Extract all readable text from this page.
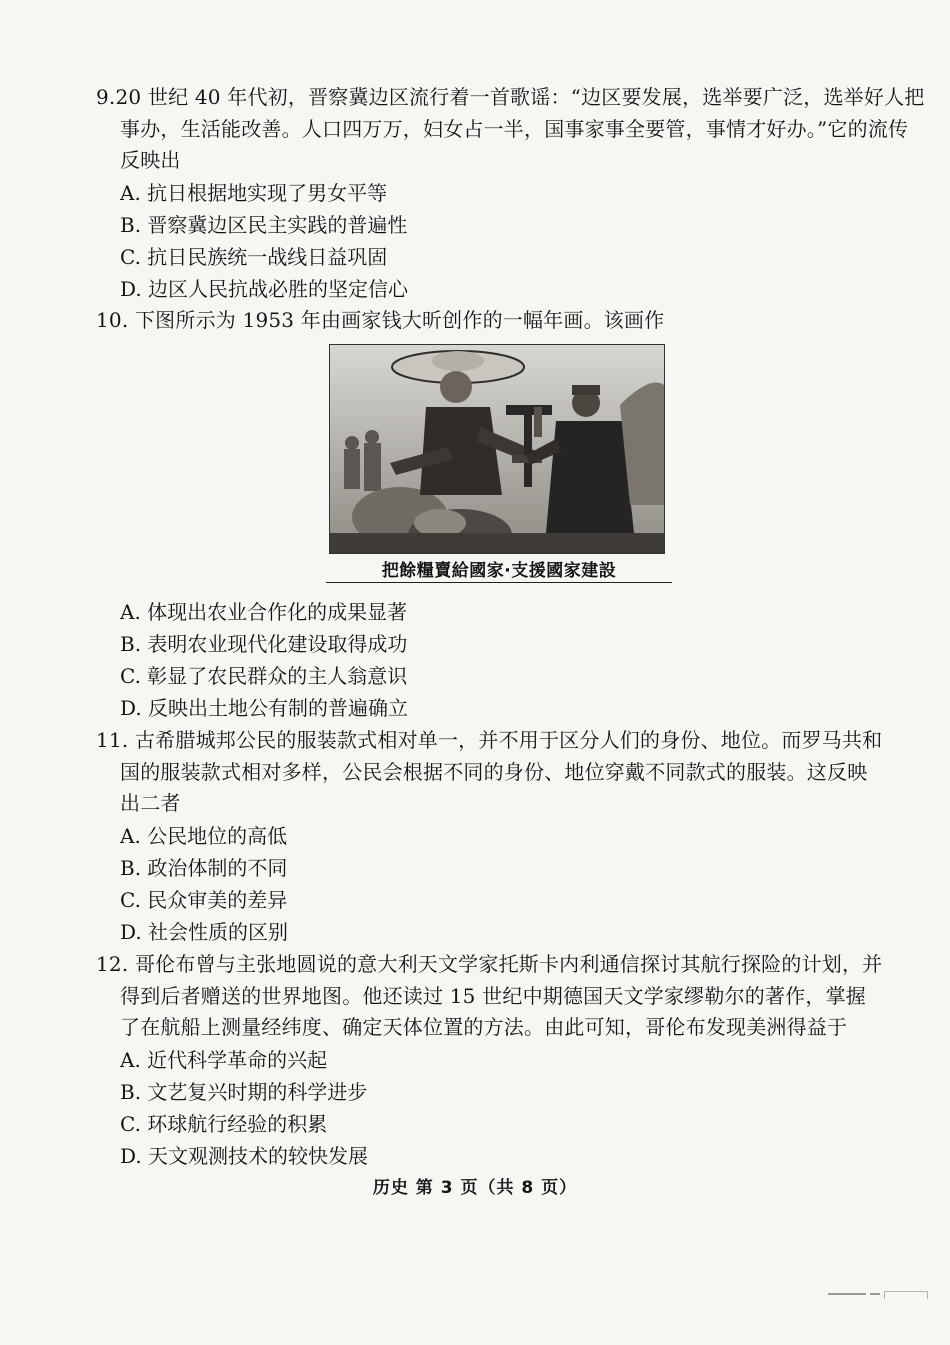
9.20 世纪 40 年代初，晋察冀边区流行着一首歌谣：“边区要发展，选举要广泛，选举好人把
事办，生活能改善。人口四万万，妇女占一半，国事家事全要管，事情才好办。”它的流传
反映出
A. 抗日根据地实现了男女平等
B. 晋察冀边区民主实践的普遍性
C. 抗日民族统一战线日益巩固
D. 边区人民抗战必胜的坚定信心
10. 下图所示为 1953 年由画家钱大昕创作的一幅年画。该画作
把餘糧賣給國家·支援國家建設
A. 体现出农业合作化的成果显著
B. 表明农业现代化建设取得成功
C. 彰显了农民群众的主人翁意识
D. 反映出土地公有制的普遍确立
11. 古希腊城邦公民的服装款式相对单一，并不用于区分人们的身份、地位。而罗马共和
国的服装款式相对多样，公民会根据不同的身份、地位穿戴不同款式的服装。这反映
出二者
A. 公民地位的高低
B. 政治体制的不同
C. 民众审美的差异
D. 社会性质的区别
12. 哥伦布曾与主张地圆说的意大利天文学家托斯卡内利通信探讨其航行探险的计划，并
得到后者赠送的世界地图。他还读过 15 世纪中期德国天文学家缪勒尔的著作，掌握
了在航船上测量经纬度、确定天体位置的方法。由此可知，哥伦布发现美洲得益于
A. 近代科学革命的兴起
B. 文艺复兴时期的科学进步
C. 环球航行经验的积累
D. 天文观测技术的较快发展
历史 第 3 页（共 8 页）
